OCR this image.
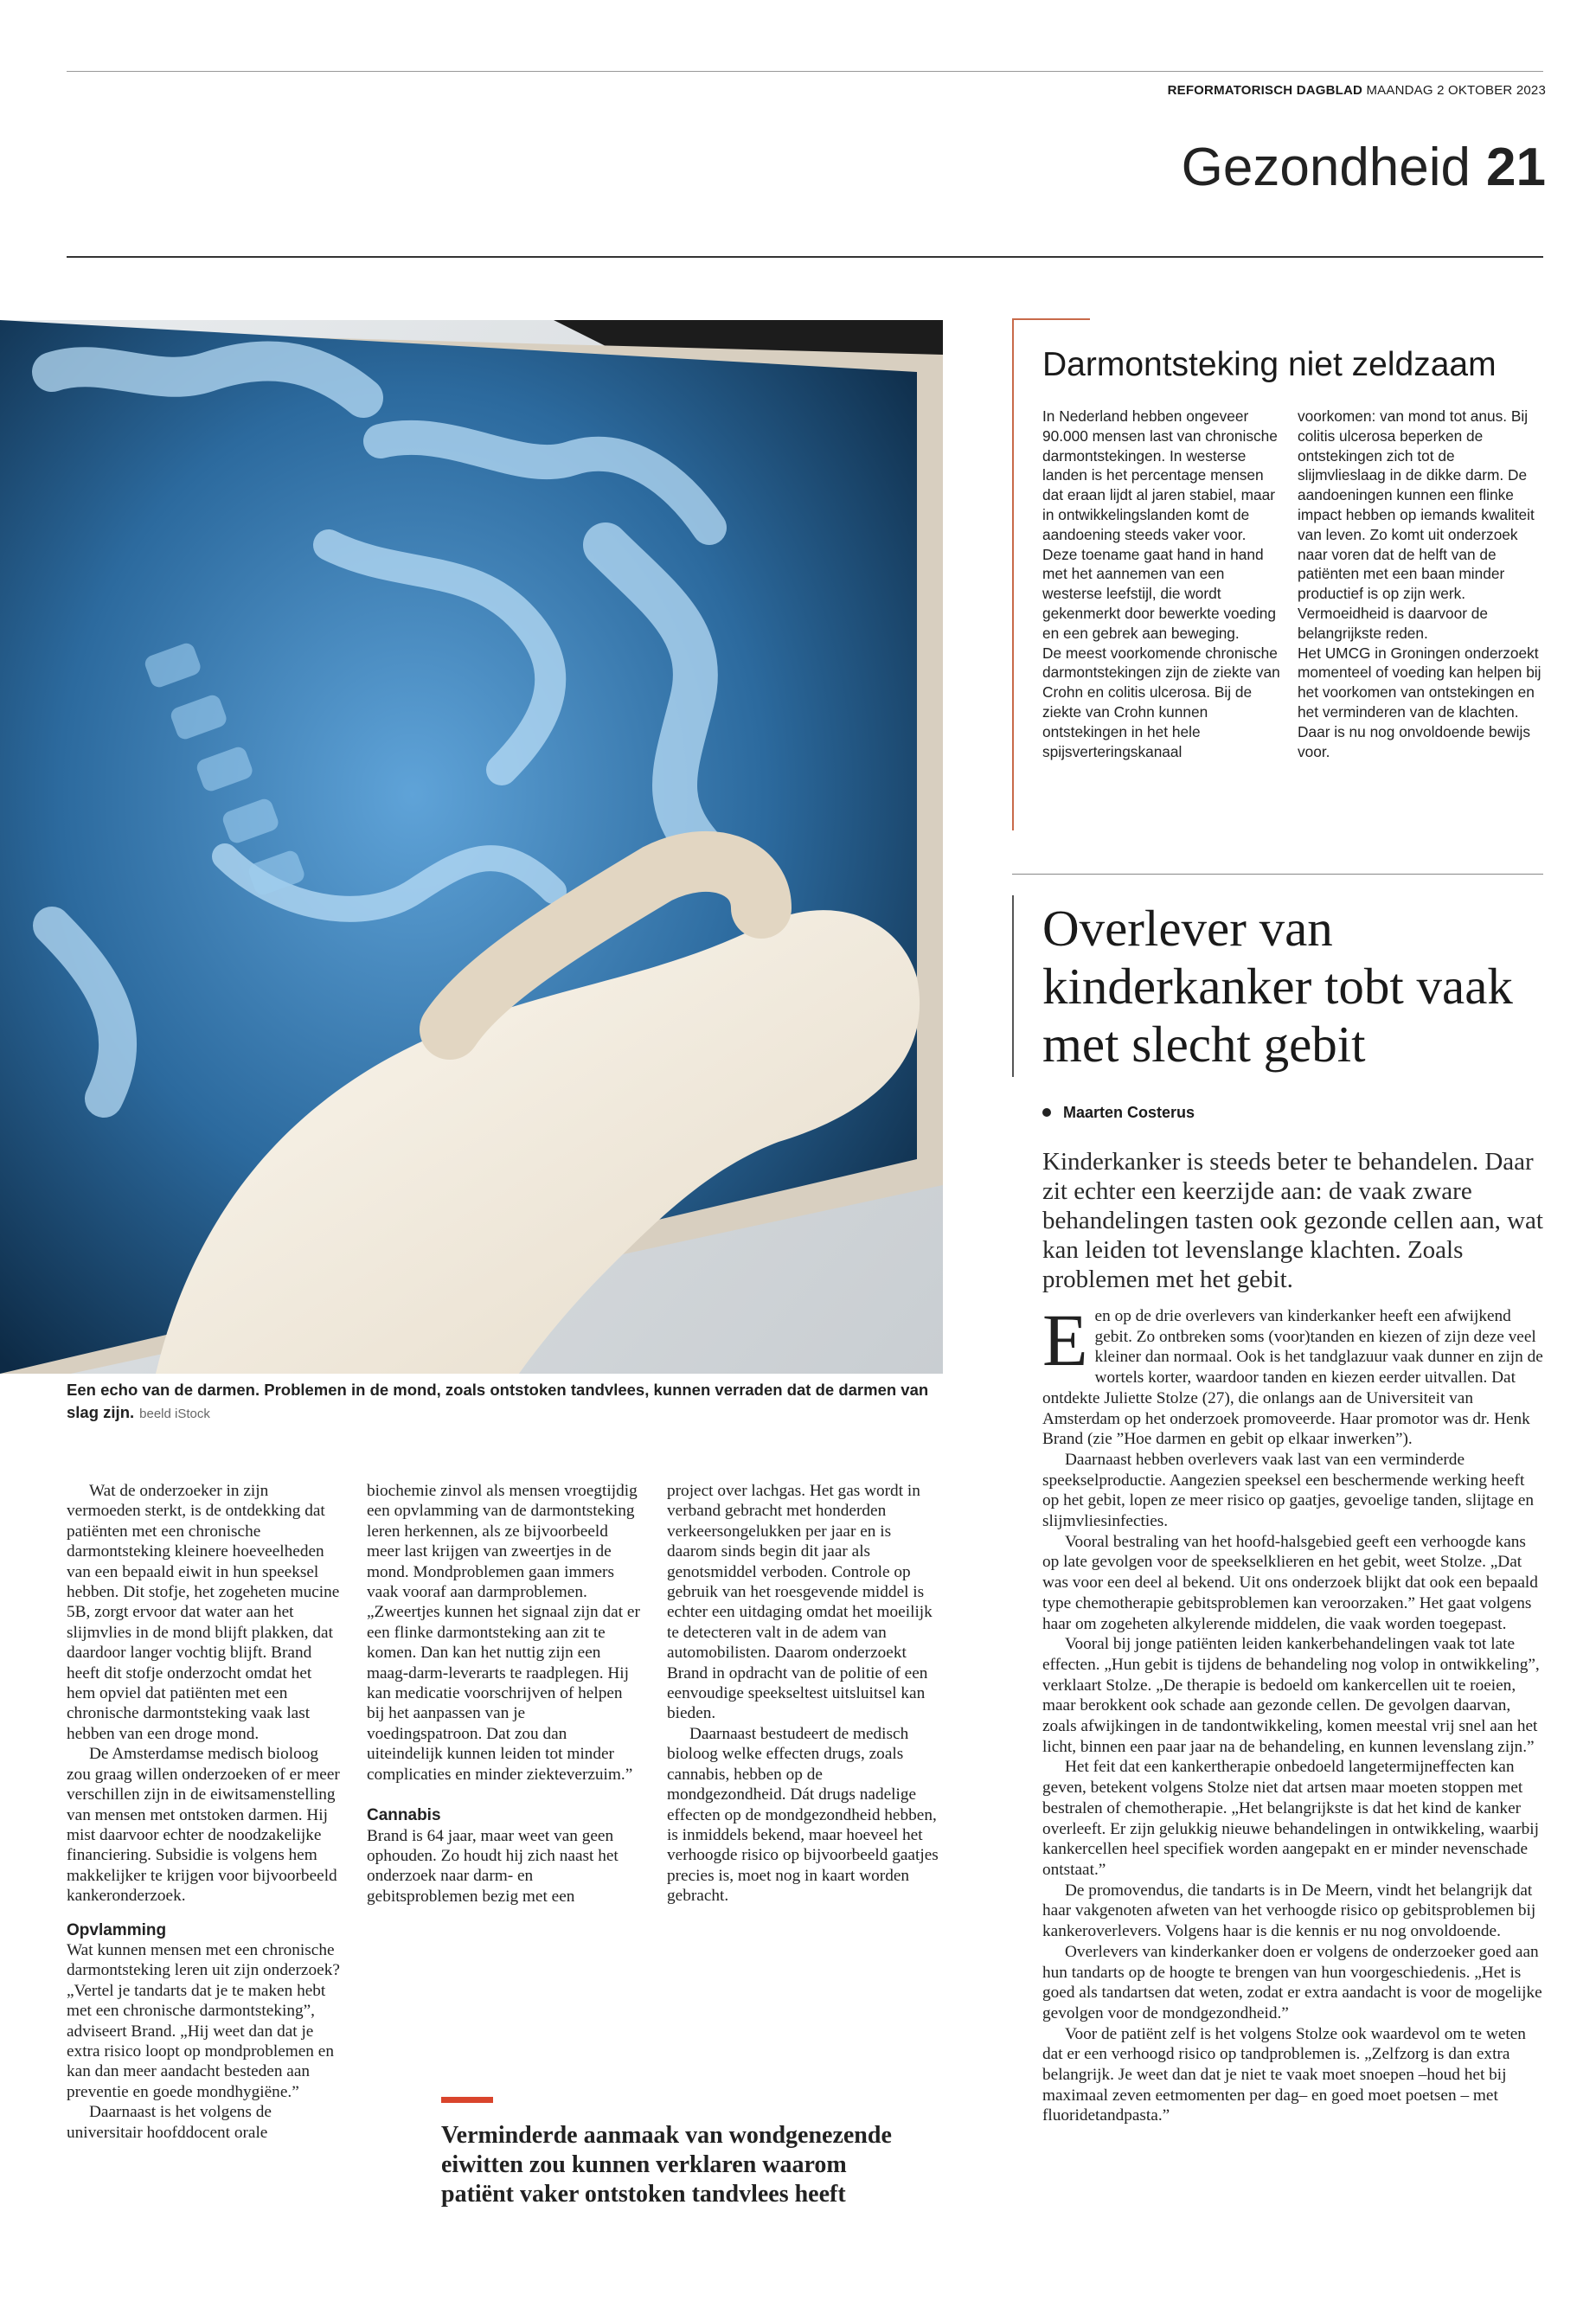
REFORMATORISCH DAGBLAD MAANDAG 2 OKTOBER 2023
Gezondheid 21
Een echo van de darmen. Problemen in de mond, zoals ontstoken tandvlees, kunnen verraden dat de darmen van slag zijn. beeld iStock

Wat de onderzoeker in zijn vermoeden sterkt, is de ontdekking dat patiënten met een chronische darmontsteking kleinere hoeveelheden van een bepaald eiwit in hun speeksel hebben. Dit stofje, het zogeheten mucine 5B, zorgt ervoor dat water aan het slijmvlies in de mond blijft plakken, dat daardoor langer vochtig blijft. Brand heeft dit stofje onderzocht omdat het hem opviel dat patiënten met een chronische darmontsteking vaak last hebben van een droge mond.

De Amsterdamse medisch bioloog zou graag willen onderzoeken of er meer verschillen zijn in de eiwitsamenstelling van mensen met ontstoken darmen. Hij mist daarvoor echter de noodzakelijke financiering. Subsidie is volgens hem makkelijker te krijgen voor bijvoorbeeld kankeronderzoek.

Opvlamming

Wat kunnen mensen met een chronische darmontsteking leren uit zijn onderzoek? „Vertel je tandarts dat je te maken hebt met een chronische darmontsteking”, adviseert Brand. „Hij weet dan dat je extra risico loopt op mondproblemen en kan dan meer aandacht besteden aan preventie en goede mondhygiëne.”

Daarnaast is het volgens de universitair hoofddocent orale

biochemie zinvol als mensen vroegtijdig een opvlamming van de darmontsteking leren herkennen, als ze bijvoorbeeld meer last krijgen van zweertjes in de mond. Mondproblemen gaan immers vaak vooraf aan darmproblemen. „Zweertjes kunnen het signaal zijn dat er een flinke darmontsteking aan zit te komen. Dan kan het nuttig zijn een maag-darm-leverarts te raadplegen. Hij kan medicatie voorschrijven of helpen bij het aanpassen van je voedingspatroon. Dat zou dan uiteindelijk kunnen leiden tot minder complicaties en minder ziekteverzuim.”

Cannabis

Brand is 64 jaar, maar weet van geen ophouden. Zo houdt hij zich naast het onderzoek naar darm- en gebitsproblemen bezig met een

project over lachgas. Het gas wordt in verband gebracht met honderden verkeersongelukken per jaar en is daarom sinds begin dit jaar als genotsmiddel verboden. Controle op gebruik van het roesgevende middel is echter een uitdaging omdat het moeilijk te detecteren valt in de adem van automobilisten. Daarom onderzoekt Brand in opdracht van de politie of een eenvoudige speekseltest uitsluitsel kan bieden.

Daarnaast bestudeert de medisch bioloog welke effecten drugs, zoals cannabis, hebben op de mondgezondheid. Dát drugs nadelige effecten op de mondgezondheid hebben, is inmiddels bekend, maar hoeveel het verhoogde risico op bijvoorbeeld gaatjes precies is, moet nog in kaart worden gebracht.

Verminderde aanmaak van wondgenezende eiwitten zou kunnen verklaren waarom patiënt vaker ontstoken tandvlees heeft
Darmontsteking niet zeldzaam

In Nederland hebben ongeveer 90.000 mensen last van chronische darmontstekingen. In westerse landen is het percentage mensen dat eraan lijdt al jaren stabiel, maar in ontwikkelingslanden komt de aandoening steeds vaker voor. Deze toename gaat hand in hand met het aannemen van een westerse leefstijl, die wordt gekenmerkt door bewerkte voeding en een gebrek aan beweging.

De meest voorkomende chronische darmontstekingen zijn de ziekte van Crohn en colitis ulcerosa. Bij de ziekte van Crohn kunnen ontstekingen in het hele spijsverteringskanaal

voorkomen: van mond tot anus. Bij colitis ulcerosa beperken de ontstekingen zich tot de slijmvlieslaag in de dikke darm. De aandoeningen kunnen een flinke impact hebben op iemands kwaliteit van leven. Zo komt uit onderzoek naar voren dat de helft van de patiënten met een baan minder productief is op zijn werk. Vermoeidheid is daarvoor de belangrijkste reden.

Het UMCG in Groningen onderzoekt momenteel of voeding kan helpen bij het voorkomen van ontstekingen en het verminderen van de klachten. Daar is nu nog onvoldoende bewijs voor.

Overlever van kinderkanker tobt vaak met slecht gebit
Maarten Costerus
Kinderkanker is steeds beter te behandelen. Daar zit echter een keerzijde aan: de vaak zware behandelingen tasten ook gezonde cellen aan, wat kan leiden tot levenslange klachten. Zoals problemen met het gebit.

Een op de drie overlevers van kinderkanker heeft een afwijkend gebit. Zo ontbreken soms (voor)tanden en kiezen of zijn deze veel kleiner dan normaal. Ook is het tandglazuur vaak dunner en zijn de wortels korter, waardoor tanden en kiezen eerder uitvallen. Dat ontdekte Juliette Stolze (27), die onlangs aan de Universiteit van Amsterdam op het onderzoek promoveerde. Haar promotor was dr. Henk Brand (zie ”Hoe darmen en gebit op elkaar inwerken”).

Daarnaast hebben overlevers vaak last van een verminderde speekselproductie. Aangezien speeksel een beschermende werking heeft op het gebit, lopen ze meer risico op gaatjes, gevoelige tanden, slijtage en slijmvliesinfecties.

Vooral bestraling van het hoofd-halsgebied geeft een verhoogde kans op late gevolgen voor de speekselklieren en het gebit, weet Stolze. „Dat was voor een deel al bekend. Uit ons onderzoek blijkt dat ook een bepaald type chemotherapie gebitsproblemen kan veroorzaken.” Het gaat volgens haar om zogeheten alkylerende middelen, die vaak worden toegepast.

Vooral bij jonge patiënten leiden kankerbehandelingen vaak tot late effecten. „Hun gebit is tijdens de behandeling nog volop in ontwikkeling”, verklaart Stolze. „De therapie is bedoeld om kankercellen uit te roeien, maar berokkent ook schade aan gezonde cellen. De gevolgen daarvan, zoals afwijkingen in de tandontwikkeling, komen meestal vrij snel aan het licht, binnen een paar jaar na de behandeling, en kunnen levenslang zijn.”

Het feit dat een kankertherapie onbedoeld langetermijneffecten kan geven, betekent volgens Stolze niet dat artsen maar moeten stoppen met bestralen of chemotherapie. „Het belangrijkste is dat het kind de kanker overleeft. Er zijn gelukkig nieuwe behandelingen in ontwikkeling, waarbij kankercellen heel specifiek worden aangepakt en er minder nevenschade ontstaat.”

De promovendus, die tandarts is in De Meern, vindt het belangrijk dat haar vakgenoten afweten van het verhoogde risico op gebitsproblemen bij kankeroverlevers. Volgens haar is die kennis er nu nog onvoldoende.

Overlevers van kinderkanker doen er volgens de onderzoeker goed aan hun tandarts op de hoogte te brengen van hun voorgeschiedenis. „Het is goed als tandartsen dat weten, zodat er extra aandacht is voor de mogelijke gevolgen voor de mondgezondheid.”

Voor de patiënt zelf is het volgens Stolze ook waardevol om te weten dat er een verhoogd risico op tandproblemen is. „Zelfzorg is dan extra belangrijk. Je weet dan dat je niet te vaak moet snoepen –houd het bij maximaal zeven eetmomenten per dag– en goed moet poetsen – met fluoridetandpasta.”
